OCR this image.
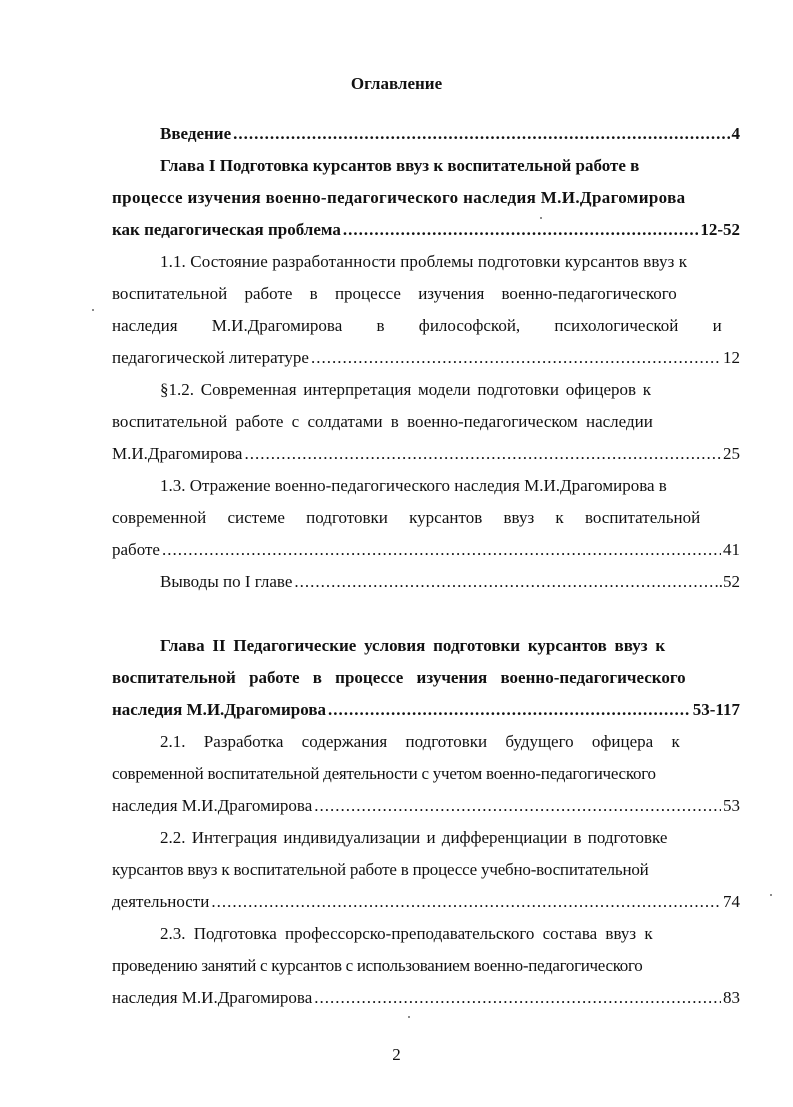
Оглавление
Введение .....	4
Глава I Подготовка курсантов ввуз к воспитательной работе в
процессе изучения военно-педагогического наследия М.И.Драгомирова
как педагогическая проблема .....	12-52
1.1. Состояние разработанности проблемы подготовки курсантов ввуз к
воспитательной работе в процессе изучения военно-педагогического
наследия М.И.Драгомирова в философской, психологической и
педагогической литературе .....	12
§1.2. Современная интерпретация модели подготовки офицеров к
воспитательной работе с солдатами в военно-педагогическом наследии
М.И.Драгомирова .....	25
1.3. Отражение военно-педагогического наследия М.И.Драгомирова в
современной системе подготовки курсантов ввуз к воспитательной
работе .....	41
Выводы по I главе .....	..52
Глава II Педагогические условия подготовки курсантов ввуз к
воспитательной работе в процессе изучения военно-педагогического
наследия М.И.Драгомирова .....	53-117
2.1. Разработка содержания подготовки будущего офицера к
современной воспитательной деятельности с учетом военно-педагогического
наследия М.И.Драгомирова .....	53
2.2. Интеграция индивидуализации и дифференциации в подготовке
курсантов ввуз к воспитательной работе в процессе учебно-воспитательной
деятельности .....	74
2.3. Подготовка профессорско-преподавательского состава ввуз к
проведению занятий с курсантов с использованием военно-педагогического
наследия М.И.Драгомирова .....	83
2
